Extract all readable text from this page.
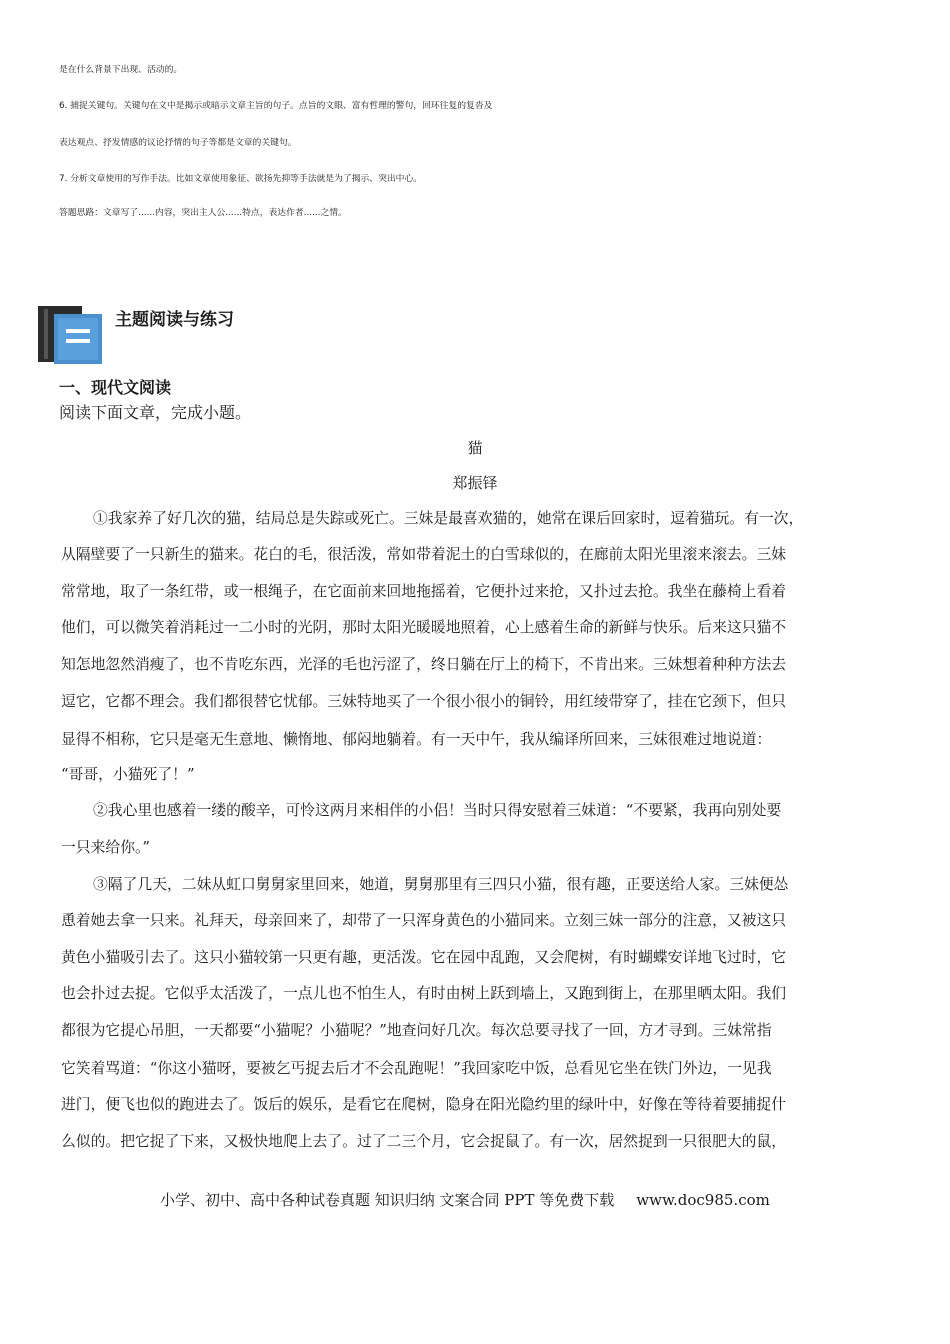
是在什么背景下出现、活动的。
6. 捕捉关键句。关键句在文中是揭示或暗示文章主旨的句子。点旨的文眼、富有哲理的警句，回环往复的复沓及
表达观点、抒发情感的议论抒情的句子等都是文章的关键句。
7. 分析文章使用的写作手法。比如文章使用象征、欲扬先抑等手法就是为了揭示、突出中心。
答题思路：文章写了......内容，突出主人公......特点，表达作者......之情。
主题阅读与练习
一、现代文阅读
阅读下面文章，完成小题。
猫
郑振铎
①我家养了好几次的猫，结局总是失踪或死亡。三妹是最喜欢猫的，她常在课后回家时，逗着猫玩。有一次，
从隔壁要了一只新生的猫来。花白的毛，很活泼，常如带着泥土的白雪球似的，在廊前太阳光里滚来滚去。三妹
常常地，取了一条红带，或一根绳子，在它面前来回地拖摇着，它便扑过来抢，又扑过去抢。我坐在藤椅上看着
他们，可以微笑着消耗过一二小时的光阴，那时太阳光暖暖地照着，心上感着生命的新鲜与快乐。后来这只猫不
知怎地忽然消瘦了，也不肯吃东西，光泽的毛也污涩了，终日躺在厅上的椅下，不肯出来。三妹想着种种方法去
逗它，它都不理会。我们都很替它忧郁。三妹特地买了一个很小很小的铜铃，用红绫带穿了，挂在它颈下，但只
显得不相称，它只是毫无生意地、懒惰地、郁闷地躺着。有一天中午，我从编译所回来，三妹很难过地说道：
“哥哥，小猫死了！”
②我心里也感着一缕的酸辛，可怜这两月来相伴的小侣！当时只得安慰着三妹道：“不要紧，我再向别处要
一只来给你。”
③隔了几天，二妹从虹口舅舅家里回来，她道，舅舅那里有三四只小猫，很有趣，正要送给人家。三妹便怂
恿着她去拿一只来。礼拜天，母亲回来了，却带了一只浑身黄色的小猫同来。立刻三妹一部分的注意，又被这只
黄色小猫吸引去了。这只小猫较第一只更有趣，更活泼。它在园中乱跑，又会爬树，有时蝴蝶安详地飞过时，它
也会扑过去捉。它似乎太活泼了，一点儿也不怕生人，有时由树上跃到墙上，又跑到街上，在那里晒太阳。我们
都很为它提心吊胆，一天都要“小猫呢？小猫呢？”地查问好几次。每次总要寻找了一回，方才寻到。三妹常指
它笑着骂道：“你这小猫呀，要被乞丐捉去后才不会乱跑呢！”我回家吃中饭，总看见它坐在铁门外边，一见我
进门，便飞也似的跑进去了。饭后的娱乐，是看它在爬树，隐身在阳光隐约里的绿叶中，好像在等待着要捕捉什
么似的。把它捉了下来，又极快地爬上去了。过了二三个月，它会捉鼠了。有一次，居然捉到一只很肥大的鼠，
小学、初中、高中各种试卷真题 知识归纳 文案合同 PPT 等免费下载 www.doc985.com
